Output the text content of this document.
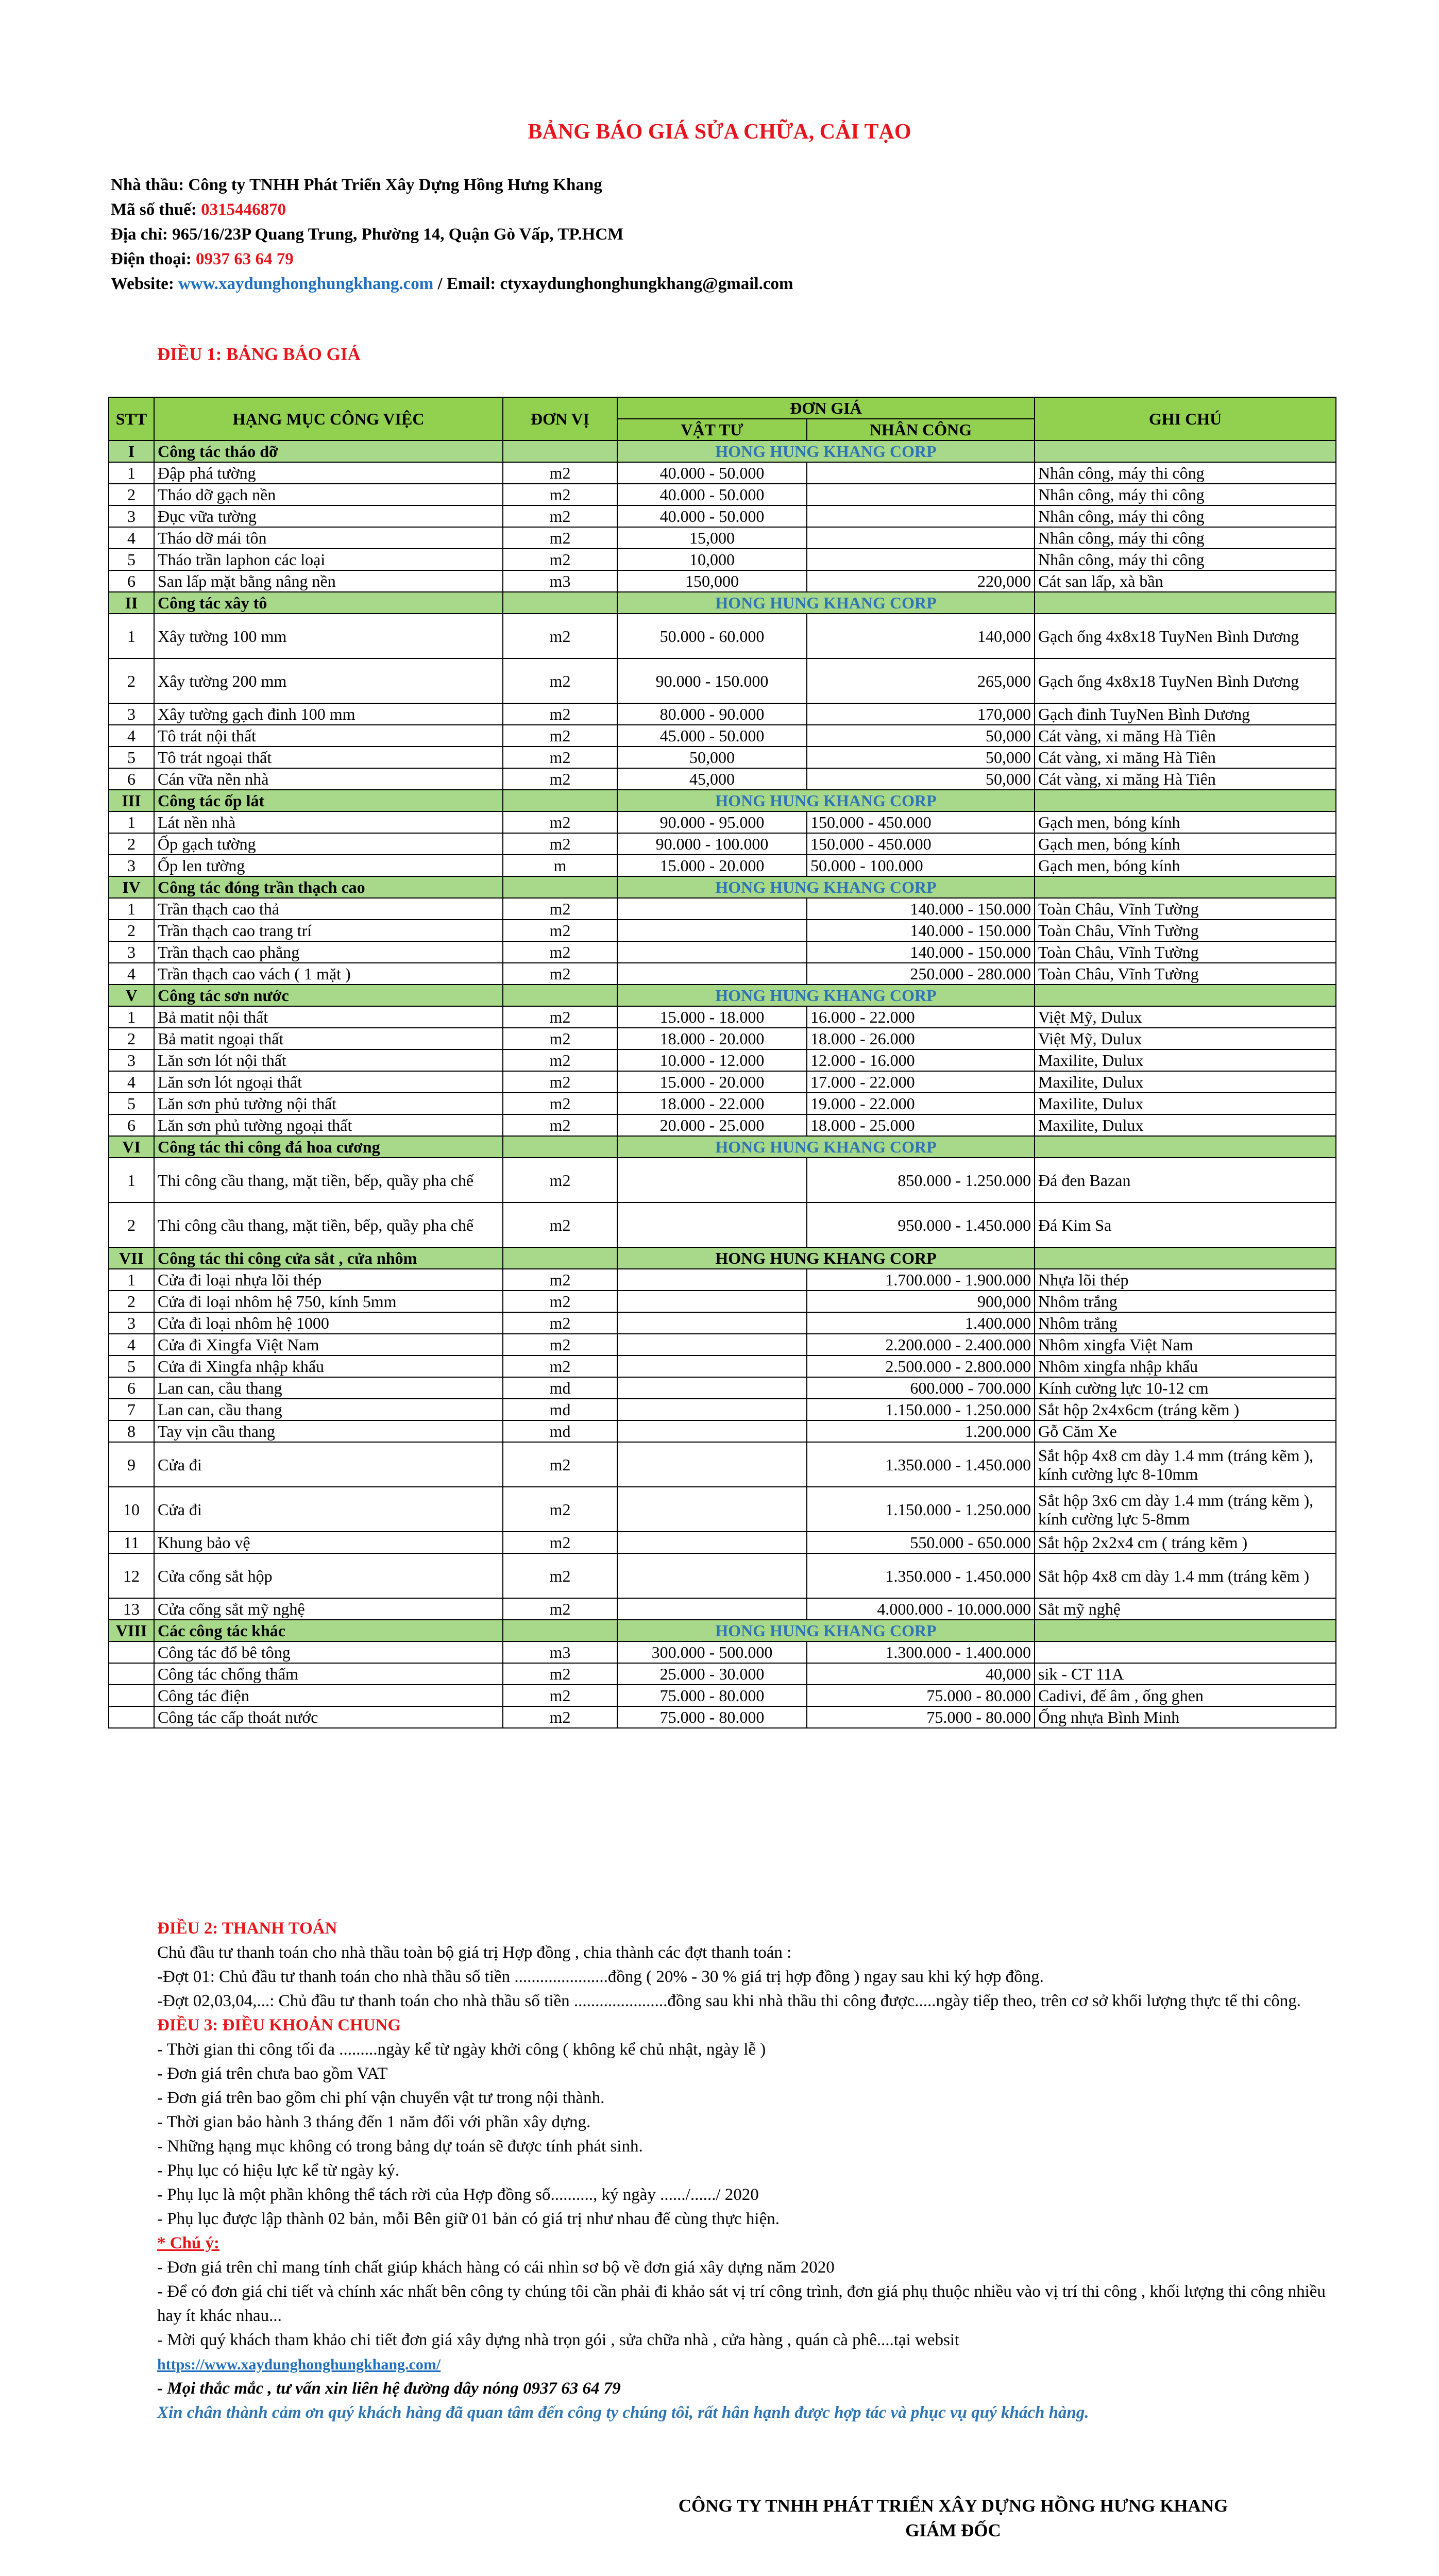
BẢNG BÁO GIÁ SỬA CHỮA, CẢI TẠO
Nhà thầu: Công ty TNHH Phát Triển Xây Dựng Hồng Hưng Khang
Mã số thuế: 0315446870
Địa chỉ: 965/16/23P Quang Trung, Phường 14, Quận Gò Vấp, TP.HCM
Điện thoại: 0937 63 64 79
Website: www.xaydunghonghungkhang.com / Email: ctyxaydunghonghungkhang@gmail.com
ĐIỀU 1: BẢNG BÁO GIÁ
STT	HẠNG MỤC CÔNG VIỆC	ĐƠN VỊ	ĐƠN GIÁ		GHI CHÚ
			VẬT TƯ	NHÂN CÔNG	
I	Công tác tháo dỡ		HONG HUNG KHANG CORP		
1	Đập phá tường	m2	40.000 - 50.000		Nhân công, máy thi công
2	Tháo dỡ gạch nền	m2	40.000 - 50.000		Nhân công, máy thi công
3	Đục vữa tường	m2	40.000 - 50.000		Nhân công, máy thi công
4	Tháo dỡ mái tôn	m2	15,000		Nhân công, máy thi công
5	Tháo trần laphon các loại	m2	10,000		Nhân công, máy thi công
6	San lấp mặt bằng nâng nền	m3	150,000	220,000	Cát san lấp, xà bần
II	Công tác xây tô		HONG HUNG KHANG CORP		
1	Xây tường 100 mm	m2	50.000 - 60.000	140,000	Gạch ống 4x8x18 TuyNen Bình Dương
2	Xây tường 200 mm	m2	90.000 - 150.000	265,000	Gạch ống 4x8x18 TuyNen Bình Dương
3	Xây tường gạch đinh 100 mm	m2	80.000 - 90.000	170,000	Gạch đinh TuyNen Bình Dương
4	Tô trát nội thất	m2	45.000 - 50.000	50,000	Cát vàng, xi măng Hà Tiên
5	Tô trát ngoại thất	m2	50,000	50,000	Cát vàng, xi măng Hà Tiên
6	Cán vữa nền nhà	m2	45,000	50,000	Cát vàng, xi măng Hà Tiên
III	Công tác ốp lát		HONG HUNG KHANG CORP		
1	Lát nền nhà	m2	90.000 - 95.000	150.000 - 450.000	Gạch men, bóng kính
2	Ốp gạch tường	m2	90.000 - 100.000	150.000 - 450.000	Gạch men, bóng kính
3	Ốp len tường	m	15.000 - 20.000	50.000 - 100.000	Gạch men, bóng kính
IV	Công tác đóng trần thạch cao		HONG HUNG KHANG CORP		
1	Trần thạch cao thả	m2		140.000 - 150.000	Toàn Châu, Vĩnh Tường
2	Trần thạch cao trang trí	m2		140.000 - 150.000	Toàn Châu, Vĩnh Tường
3	Trần thạch cao phẳng	m2		140.000 - 150.000	Toàn Châu, Vĩnh Tường
4	Trần thạch cao vách ( 1 mặt )	m2		250.000 - 280.000	Toàn Châu, Vĩnh Tường
V	Công tác sơn nước		HONG HUNG KHANG CORP		
1	Bả matit nội thất	m2	15.000 - 18.000	16.000 - 22.000	Việt Mỹ, Dulux
2	Bả matit ngoại thất	m2	18.000 - 20.000	18.000 - 26.000	Việt Mỹ, Dulux
3	Lăn sơn lót nội thất	m2	10.000 - 12.000	12.000 - 16.000	Maxilite, Dulux
4	Lăn sơn lót ngoại thất	m2	15.000 - 20.000	17.000 - 22.000	Maxilite, Dulux
5	Lăn sơn phủ tường nội thất	m2	18.000 - 22.000	19.000 - 22.000	Maxilite, Dulux
6	Lăn sơn phủ tường ngoại thất	m2	20.000 - 25.000	18.000 - 25.000	Maxilite, Dulux
VI	Công tác thi công đá hoa cương		HONG HUNG KHANG CORP		
1	Thi công cầu thang, mặt tiền, bếp, quầy pha chế	m2		850.000 - 1.250.000	Đá đen Bazan
2	Thi công cầu thang, mặt tiền, bếp, quầy pha chế	m2		950.000 - 1.450.000	Đá Kim Sa
VII	Công tác thi công cửa sắt , cửa nhôm		HONG HUNG KHANG CORP		
1	Cửa đi loại nhựa lõi thép	m2		1.700.000 - 1.900.000	Nhựa lõi thép
2	Cửa đi loại nhôm hệ 750, kính 5mm	m2		900,000	Nhôm trắng
3	Cửa đi loại nhôm hệ 1000	m2		1.400.000	Nhôm trắng
4	Cửa đi Xingfa Việt Nam	m2		2.200.000 - 2.400.000	Nhôm xingfa Việt Nam
5	Cửa đi Xingfa nhập khẩu	m2		2.500.000 - 2.800.000	Nhôm xingfa nhập khẩu
6	Lan can, cầu thang	md		600.000 - 700.000	Kính cường lực 10-12 cm
7	Lan can, cầu thang	md		1.150.000 - 1.250.000	Sắt hộp 2x4x6cm (tráng kẽm )
8	Tay vịn cầu thang	md		1.200.000	Gỗ Căm Xe
9	Cửa đi	m2		1.350.000 - 1.450.000	Sắt hộp 4x8 cm dày 1.4 mm (tráng kẽm ), kính cường lực 8-10mm
10	Cửa đi	m2		1.150.000 - 1.250.000	Sắt hộp 3x6 cm dày 1.4 mm (tráng kẽm ), kính cường lực 5-8mm
11	Khung bảo vệ	m2		550.000 - 650.000	Sắt hộp 2x2x4 cm ( tráng kẽm )
12	Cửa cổng sắt hộp	m2		1.350.000 - 1.450.000	Sắt hộp 4x8 cm dày 1.4 mm (tráng kẽm )
13	Cửa cổng sắt mỹ nghệ	m2		4.000.000 - 10.000.000	Sắt mỹ nghệ
VIII	Các công tác khác		HONG HUNG KHANG CORP		
	Công tác đổ bê tông	m3	300.000 - 500.000	1.300.000 - 1.400.000	
	Công tác chống thấm	m2	25.000 - 30.000	40,000	sik - CT 11A
	Công tác điện	m2	75.000 - 80.000	75.000 - 80.000	Cadivi, đế âm , ống ghen
	Công tác cấp thoát nước	m2	75.000 - 80.000	75.000 - 80.000	Ống nhựa Bình Minh

ĐIỀU 2: THANH TOÁN

Chủ đầu tư thanh toán cho nhà thầu toàn bộ giá trị Hợp đồng , chia thành các đợt thanh toán :

-Đợt 01: Chủ đầu tư thanh toán cho nhà thầu số tiền ......................đồng ( 20% - 30 % giá trị hợp đồng ) ngay sau khi ký hợp đồng.

-Đợt 02,03,04,...: Chủ đầu tư thanh toán cho nhà thầu số tiền ......................đồng sau khi nhà thầu thi công được.....ngày tiếp theo, trên cơ sở khối lượng thực tế thi công.

ĐIỀU 3: ĐIỀU KHOẢN CHUNG

- Thời gian thi công tối đa .........ngày kể từ ngày khởi công ( không kể chủ nhật, ngày lễ )

- Đơn giá trên chưa bao gồm VAT

- Đơn giá trên bao gồm chi phí vận chuyển vật tư trong nội thành.

- Thời gian bảo hành 3 tháng đến 1 năm đối với phần xây dựng.

- Những hạng mục không có trong bảng dự toán sẽ được tính phát sinh.

- Phụ lục có hiệu lực kể từ ngày ký.

- Phụ lục là một phần không thể tách rời của Hợp đồng số.........., ký ngày ....../....../ 2020

- Phụ lục được lập thành 02 bản, mỗi Bên giữ 01 bản có giá trị như nhau để cùng thực hiện.

* Chú ý:

- Đơn giá trên chỉ mang tính chất giúp khách hàng có cái nhìn sơ bộ về đơn giá xây dựng năm 2020

- Để có đơn giá chi tiết và chính xác nhất bên công ty chúng tôi cần phải đi khảo sát vị trí công trình, đơn giá phụ thuộc nhiều vào vị trí thi công , khối lượng thi công nhiều hay ít khác nhau...

- Mời quý khách tham khảo chi tiết đơn giá xây dựng nhà trọn gói , sửa chữa nhà , cửa hàng , quán cà phê....tại websit

https://www.xaydunghonghungkhang.com/

- Mọi thắc mắc , tư vấn xin liên hệ đường dây nóng 0937 63 64 79

Xin chân thành cảm ơn quý khách hàng đã quan tâm đến công ty chúng tôi, rất hân hạnh được hợp tác và phục vụ quý khách hàng.

CÔNG TY TNHH PHÁT TRIỂN XÂY DỰNG HỒNG HƯNG KHANG
GIÁM ĐỐC
